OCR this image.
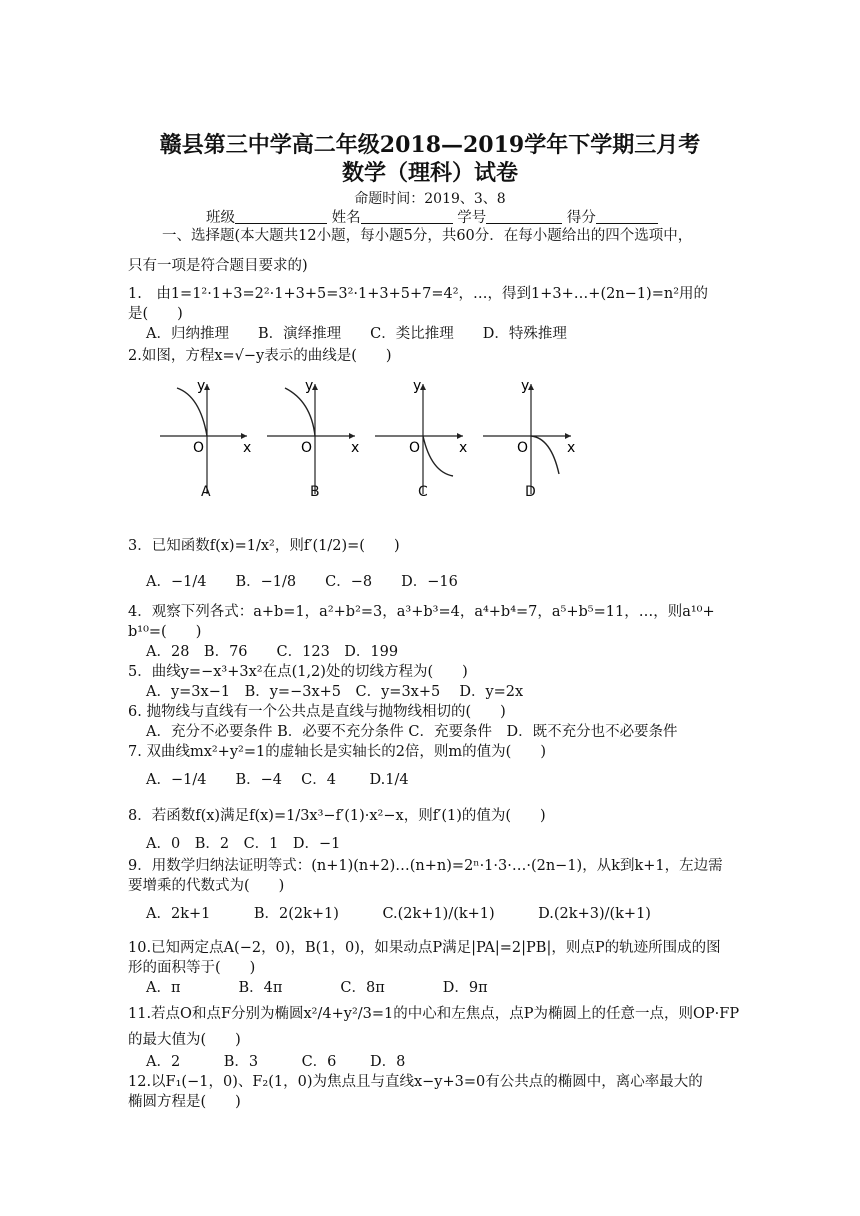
赣县第三中学高二年级2018—2019学年下学期三月考
数学（理科）试卷
命题时间：2019、3、8
班级	姓名	学号	得分
一、选择题(本大题共12小题，每小题5分，共60分．在每小题给出的四个选项中，
只有一项是符合题目要求的)
1.　由1=1²·1+3=2²·1+3+5=3²·1+3+5+7=4²，…，得到1+3+…+(2n−1)=n²用的
是(　　)
A．归纳推理　　B．演绎推理　　C．类比推理　　D．特殊推理
2.如图，方程x=√−y表示的曲线是(　　)
y
x
O
y
x
O
y
x
O
y
x
O
A	B	C	D
3．已知函数f(x)=1/x²，则f′(1/2)=(　　)
A．−1/4　　B．−1/8　　C．−8　　D．−16
4．观察下列各式：a+b=1，a²+b²=3，a³+b³=4，a⁴+b⁴=7，a⁵+b⁵=11，…，则a¹⁰+
b¹⁰=(　　)
A．28　B．76　　C．123　D．199
5．曲线y=−x³+3x²在点(1,2)处的切线方程为(　　)
A．y=3x−1　B．y=−3x+5　C．y=3x+5　 D．y=2x
6. 抛物线与直线有一个公共点是直线与抛物线相切的(　　)
A．充分不必要条件 B．必要不充分条件 C．充要条件　D．既不充分也不必要条件
7. 双曲线mx²+y²=1的虚轴长是实轴长的2倍，则m的值为(　　)
A．−1/4　　B．−4　 C．4　　 D.1/4
8．若函数f(x)满足f(x)=1/3x³−f′(1)·x²−x，则f′(1)的值为(　　)
A．0　B．2　C．1　D．−1
9．用数学归纳法证明等式：(n+1)(n+2)…(n+n)=2ⁿ·1·3·…·(2n−1)，从k到k+1，左边需
要增乘的代数式为(　　)
A．2k+1　　　B．2(2k+1)　　　C.(2k+1)/(k+1)　　　D.(2k+3)/(k+1)
10.已知两定点A(−2，0)，B(1，0)，如果动点P满足|PA|=2|PB|，则点P的轨迹所围成的图
形的面积等于(　　)
A．π　　　　B．4π　　　　C．8π　　　　D．9π
11.若点O和点F分别为椭圆x²/4+y²/3=1的中心和左焦点，点P为椭圆上的任意一点，则OP·FP
的最大值为(　　)
A．2　　　B．3　　　C．6　　 D．8
12.以F₁(−1，0)、F₂(1，0)为焦点且与直线x−y+3=0有公共点的椭圆中，离心率最大的
椭圆方程是(　　)
